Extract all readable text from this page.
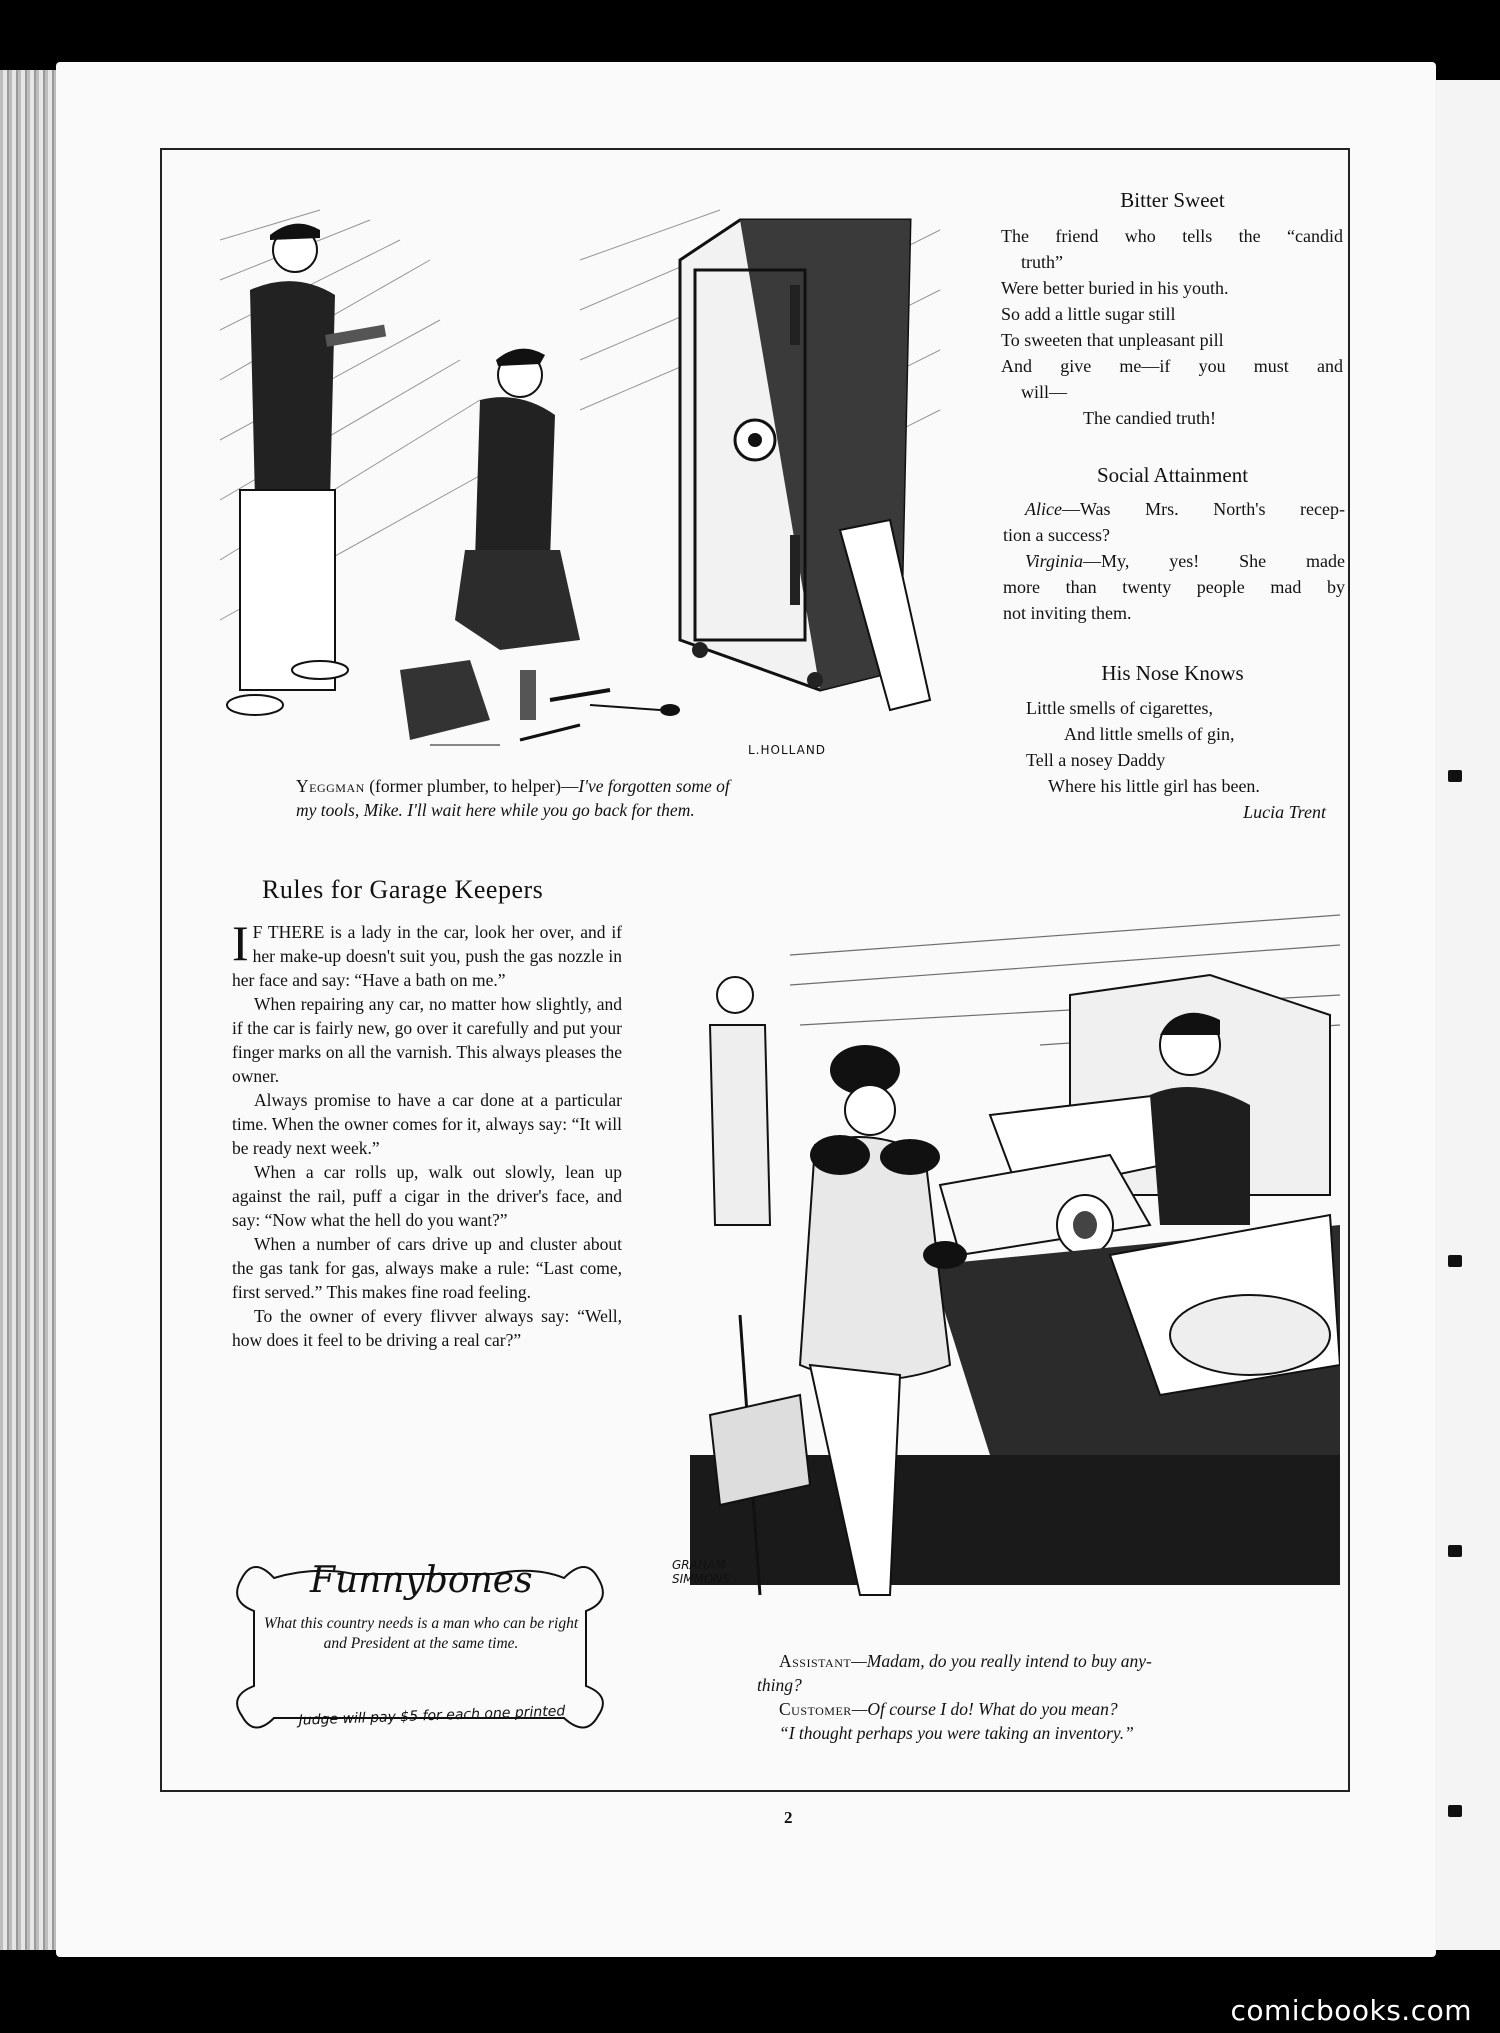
L.HOLLAND
Yeggman (former plumber, to helper)—I've forgotten some of
my tools, Mike. I'll wait here while you go back for them.
Bitter Sweet
The friend who tells the “candid
truth”
Were better buried in his youth.
So add a little sugar still
To sweeten that unpleasant pill
And give me—if you must and
will—
The candied truth!
Social Attainment
Alice—Was Mrs. North's recep-
tion a success?
Virginia—My, yes! She made
more than twenty people mad by
not inviting them.
His Nose Knows
Little smells of cigarettes,
And little smells of gin,
Tell a nosey Daddy
Where his little girl has been.
Lucia Trent
Rules for Garage Keepers

I F THERE is a lady in the car, look her over, and if her make-up doesn't suit you, push the gas nozzle in her face and say: “Have a bath on me.”

When repairing any car, no matter how slightly, and if the car is fairly new, go over it carefully and put your finger marks on all the varnish. This always pleases the owner.

Always promise to have a car done at a particular time. When the owner comes for it, always say: “It will be ready next week.”

When a car rolls up, walk out slowly, lean up against the rail, puff a cigar in the driver's face, and say: “Now what the hell do you want?”

When a number of cars drive up and cluster about the gas tank for gas, always make a rule: “Last come, first served.” This makes fine road feeling.

To the owner of every flivver always say: “Well, how does it feel to be driving a real car?”

Funnybones
What this country needs is a man who can be right and President at the same time.
Judge will pay $5 for each one printed
GRAHAM SIMMONS
Assistant—Madam, do you really intend to buy any-
thing?
Customer—Of course I do! What do you mean?
“I thought perhaps you were taking an inventory.”
2
comicbooks.com
